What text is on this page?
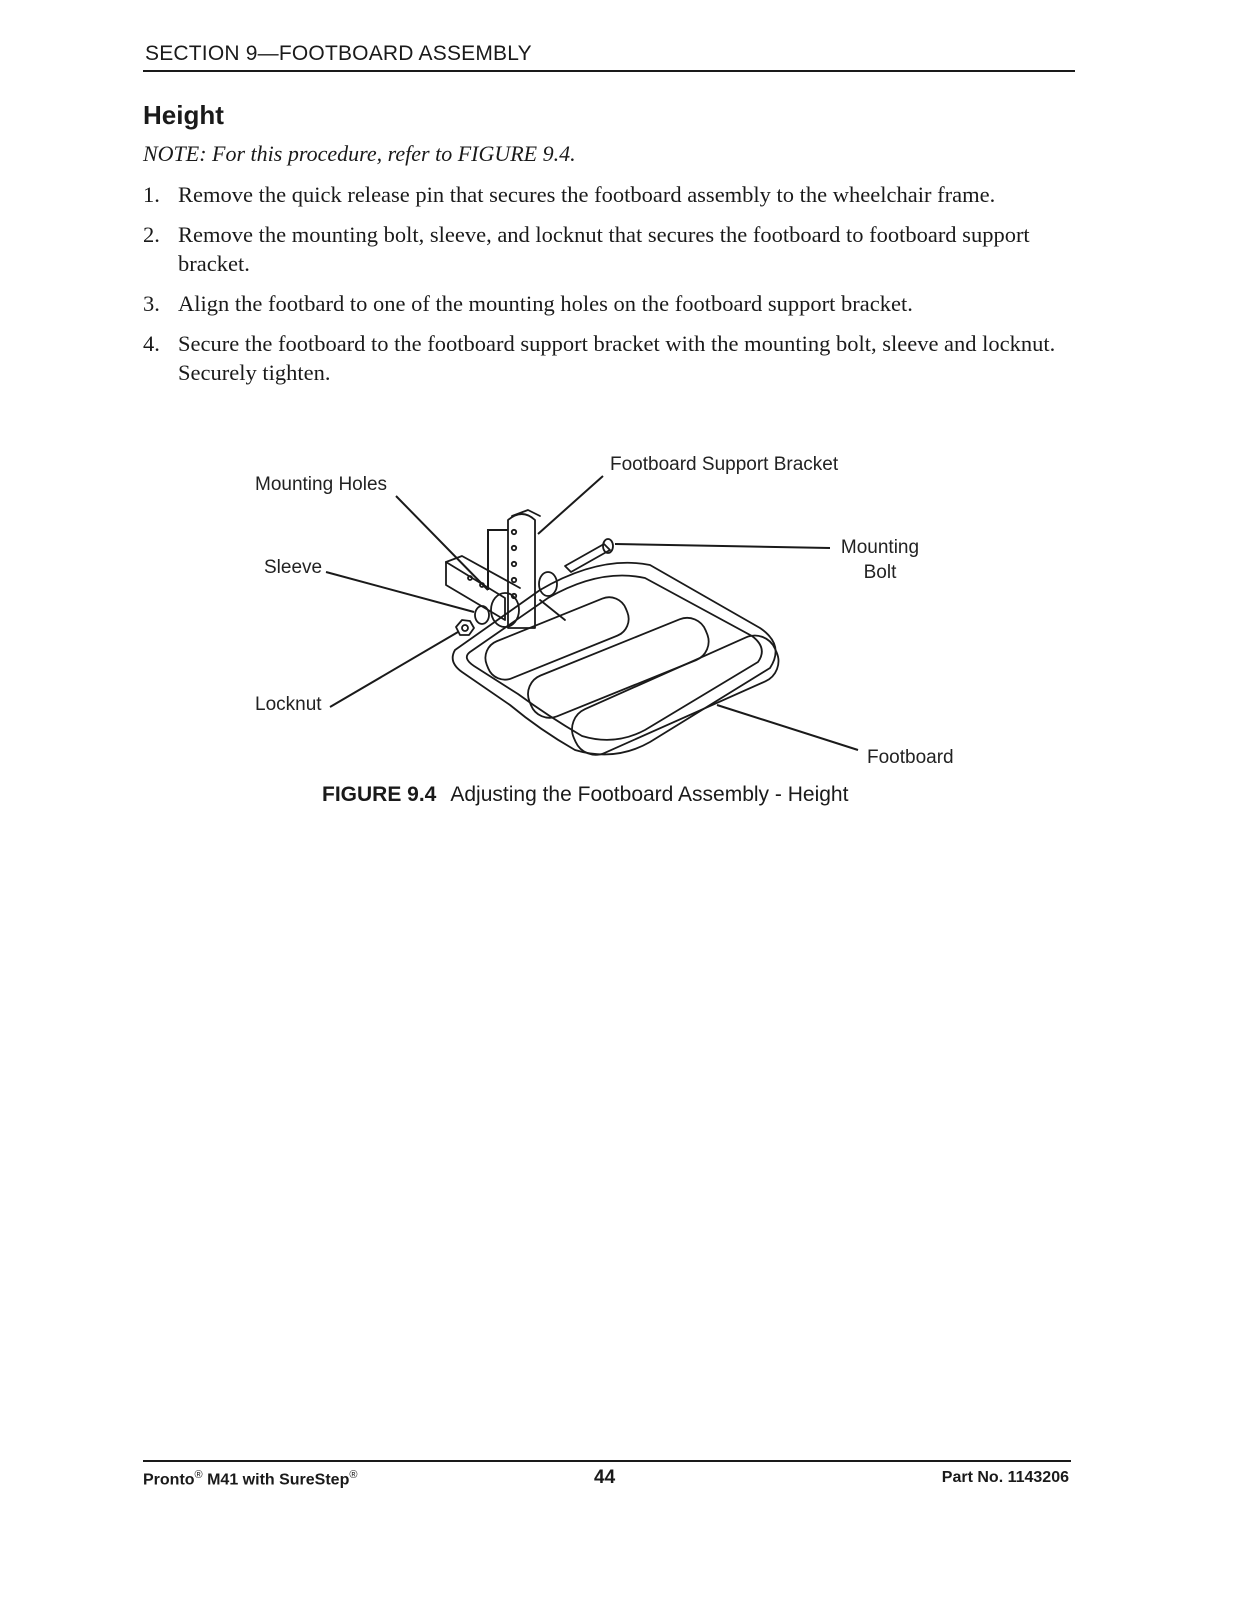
SECTION 9—FOOTBOARD ASSEMBLY
Height
NOTE: For this procedure, refer to FIGURE 9.4.
1. Remove the quick release pin that secures the footboard assembly to the wheelchair frame.
2. Remove the mounting bolt, sleeve, and locknut that secures the footboard to footboard support bracket.
3. Align the footbard to one of the mounting holes on the footboard support bracket.
4. Secure the footboard to the footboard support bracket with the mounting bolt, sleeve and locknut. Securely tighten.
Mounting Holes
Footboard Support Bracket
Sleeve
Mounting
Bolt
Locknut
Footboard
FIGURE 9.4 Adjusting the Footboard Assembly - Height
Pronto® M41 with SureStep®	44	Part No. 1143206
